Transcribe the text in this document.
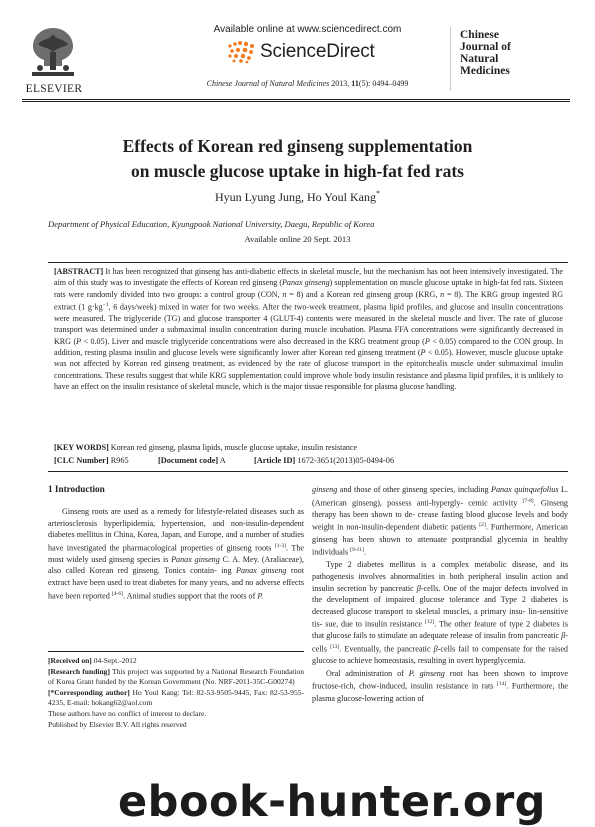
ELSEVIER
Available online at www.sciencedirect.com
ScienceDirect
Chinese Journal of Natural Medicines 2013, 11(5): 0494–0499
Chinese
Journal of
Natural
Medicines
Effects of Korean red ginseng supplementation
on muscle glucose uptake in high-fat fed rats
Hyun Lyung Jung, Ho Youl Kang*
Department of Physical Education, Kyungpook National University, Daegu, Republic of Korea
Available online 20 Sept. 2013
[ABSTRACT] It has been recognized that ginseng has anti-diabetic effects in skeletal muscle, but the mechanism has not been intensively investigated. The aim of this study was to investigate the effects of Korean red ginseng (Panax ginseng) supplementation on muscle glucose uptake in high-fat fed rats. Sixteen rats were randomly divided into two groups: a control group (CON, n = 8) and a Korean red ginseng group (KRG, n = 8). The KRG group ingested RG extract (1 $g\cdot kg^{-1}$, 6 days/week) mixed in water for two weeks. After the two-week treatment, plasma lipid profiles, and glucose and insulin concentrations were measured. The triglyceride (TG) and glucose transporter 4 (GLUT-4) contents were measured in the skeletal muscle and liver. The rate of glucose transport was determined under a submaximal insulin concentration during muscle incubation. Plasma FFA concentrations were significantly decreased in KRG (P < 0.05). Liver and muscle triglyceride concentrations were also decreased in the KRG treatment group (P < 0.05) compared to the CON group. In addition, resting plasma insulin and glucose levels were significantly lower after Korean red ginseng treatment (P < 0.05). However, muscle glucose uptake was not affected by Korean red ginseng treatment, as evidenced by the rate of glucose transport in the epitorchealis muscle under submaximal insulin concentrations. These results suggest that while KRG supplementation could improve whole body insulin resistance and plasma lipid profiles, it is unlikely to have an effect on the insulin resistance of skeletal muscle, which is the major tissue responsible for plasma glucose handling.
[KEY WORDS] Korean red ginseng, plasma lipids, muscle glucose uptake, insulin resistance
[CLC Number] R965	[Document code] A	[Article ID] 1672-3651(2013)05-0494-06
1 Introduction

Ginseng roots are used as a remedy for lifestyle-related diseases such as arteriosclerosis hyperlipidemia, hypertension, and non-insulin-dependent diabetes mellitus in China, Korea, Japan, and Europe, and a number of studies have investigated the pharmacological properties of ginseng roots [1-3]. The most widely used ginseng species is Panax ginseng C. A. Mey. (Araliaceae), also called Korean red ginseng. Tonics contain- ing Panax ginseng root extract have been used to treat diabetes for many years, and no adverse effects have been reported [4-6]. Animal studies support that the roots of P.

ginseng and those of other ginseng species, including Panax quinquefolius L. (American ginseng), possess anti-hypergly- cemic activity [7-8]. Ginseng therapy has been shown to de- crease fasting blood glucose levels and body weight in non-insulin-dependent diabetic patients [2]. Furthermore, American ginseng has been shown to attenuate postprandial glycemia in healthy individuals [9-11].

Type 2 diabetes mellitus is a complex metabolic disease, and its pathogenesis involves abnormalities in both peripheral insulin action and insulin secretion by pancreatic β-cells. One of the major defects involved in the development of impaired glucose tolerance and Type 2 diabetes is decreased glucose transport to skeletal muscles, a primary insu- lin-sensitive tis- sue, due to insulin resistance [12]. The other feature of type 2 diabetes is that glucose fails to stimulate an adequate release of insulin from pancreatic β-cells [13]. Eventually, the pancreatic β-cells fail to compensate for the raised glucose to achieve homeostasis, resulting in overt hyperglycemia.

Oral administration of P. ginseng root has been shown to improve fructose-rich, chow-induced, insulin resistance in rats [14]. Furthermore, the plasma glucose-lowering action of

[Received on] 04-Sept.-2012
[Research funding] This project was supported by a National Research Foundation of Korea Grant funded by the Korean Government (No. NRF-2011-35C-G00274)
[*Corresponding author] Ho Youl Kang: Tel: 82-53-9505-9445, Fax: 82-53-955-4235, E-mail: hokang62@aol.com
These authors have no conflict of interest to declare.
Published by Elsevier B.V. All rights reserved
ebook-hunter.org
